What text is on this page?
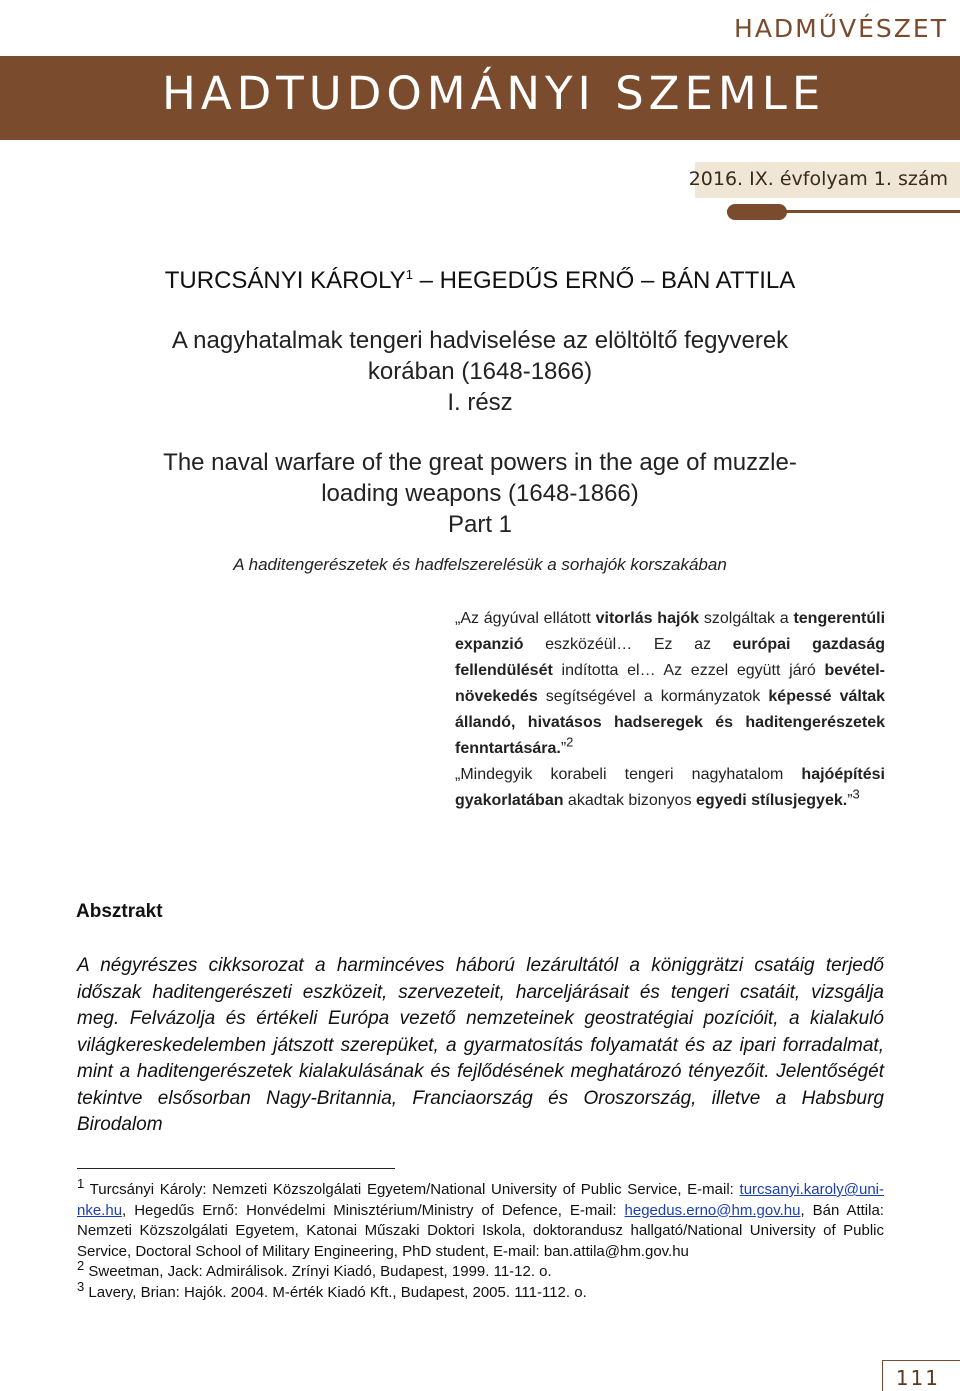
HADMŰVÉSZET
HADTUDOMÁNYI SZEMLE
2016. IX. évfolyam 1. szám
TURCSÁNYI KÁROLY$^1$ – HEGEDŰS ERNŐ – BÁN ATTILA
A nagyhatalmak tengeri hadviselése az elöltöltő fegyverek
korában (1648-1866)
I. rész
The naval warfare of the great powers in the age of muzzle-
loading weapons (1648-1866)
Part 1
A haditengerészetek és hadfelszerelésük a sorhajók korszakában

„Az ágyúval ellátott vitorlás hajók szolgáltak a tengerentúli expanzió eszközéül… Ez az európai gazdaság fellendülését indította el… Az ezzel együtt járó bevétel-növekedés segítségével a kormányzatok képessé váltak állandó, hivatásos hadseregek és haditengerészetek fenntartására.”$^2$

„Mindegyik korabeli tengeri nagyhatalom hajóépítési gyakorlatában akadtak bizonyos egyedi stílusjegyek.”$^3$

Absztrakt

A négyrészes cikksorozat a harmincéves háború lezárultától a königgrätzi csatáig terjedő időszak haditengerészeti eszközeit, szervezeteit, harceljárásait és tengeri csatáit, vizsgálja meg. Felvázolja és értékeli Európa vezető nemzeteinek geostratégiai pozícióit, a kialakuló világkereskedelemben játszott szerepüket, a gyarmatosítás folyamatát és az ipari forradalmat, mint a haditengerészetek kialakulásának és fejlődésének meghatározó tényezőit. Jelentőségét tekintve elsősorban Nagy-Britannia, Franciaország és Oroszország, illetve a Habsburg Birodalom

$^1$ Turcsányi Károly: Nemzeti Közszolgálati Egyetem/National University of Public Service, E-mail: turcsanyi.karoly@uni-nke.hu, Hegedűs Ernő: Honvédelmi Minisztérium/Ministry of Defence, E-mail: hegedus.erno@hm.gov.hu, Bán Attila: Nemzeti Közszolgálati Egyetem, Katonai Műszaki Doktori Iskola, doktorandusz hallgató/National University of Public Service, Doctoral School of Military Engineering, PhD student, E-mail: ban.attila@hm.gov.hu

$^2$ Sweetman, Jack: Admirálisok. Zrínyi Kiadó, Budapest, 1999. 11-12. o.

$^3$ Lavery, Brian: Hajók. 2004. M-érték Kiadó Kft., Budapest, 2005. 111-112. o.

111
